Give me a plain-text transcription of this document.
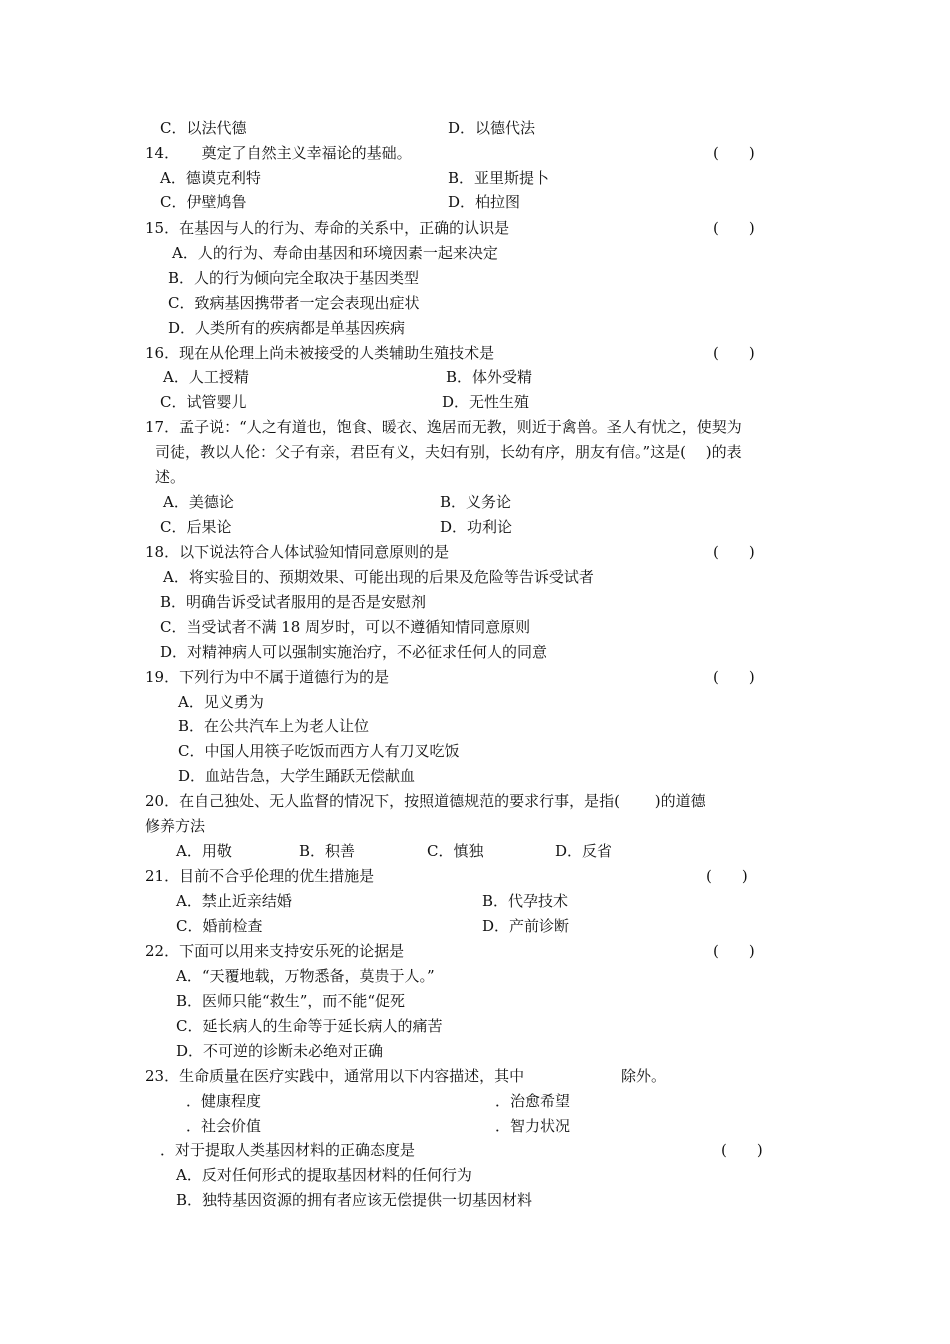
C．以法代德	D．以德代法
14．　　奠定了自然主义幸福论的基础。	(　　)
A．德谟克利特	B．亚里斯提卜
C．伊壁鸠鲁	D．柏拉图
15．在基因与人的行为、寿命的关系中，正确的认识是	(　　)
A．人的行为、寿命由基因和环境因素一起来决定
B．人的行为倾向完全取决于基因类型
C．致病基因携带者一定会表现出症状
D．人类所有的疾病都是单基因疾病
16．现在从伦理上尚未被接受的人类辅助生殖技术是	(　　)
A．人工授精	B．体外受精
C．试管婴儿	D．无性生殖
17．孟子说：“人之有道也，饱食、暖衣、逸居而无教，则近于禽兽。圣人有忧之，使契为
司徒，教以人伦：父子有亲，君臣有义，夫妇有别，长幼有序，朋友有信。”这是(　 )的表
述。
A．美德论	B．义务论
C．后果论	D．功利论
18．以下说法符合人体试验知情同意原则的是	(　　)
A．将实验目的、预期效果、可能出现的后果及危险等告诉受试者
B．明确告诉受试者服用的是否是安慰剂
C．当受试者不满 18 周岁时，可以不遵循知情同意原则
D．对精神病人可以强制实施治疗，不必征求任何人的同意
19．下列行为中不属于道德行为的是	(　　)
A．见义勇为
B．在公共汽车上为老人让位
C．中国人用筷子吃饭而西方人有刀叉吃饭
D．血站告急，大学生踊跃无偿献血
20．在自己独处、无人监督的情况下，按照道德规范的要求行事，是指(　　 )的道德
修养方法
A．用敬	B．积善	C．慎独	D．反省
21．目前不合乎伦理的优生措施是	(　　)
A．禁止近亲结婚	B．代孕技术
C．婚前检查	D．产前诊断
22．下面可以用来支持安乐死的论据是	(　　)
A．“天覆地载，万物悉备，莫贵于人。”
B．医师只能“救生”，而不能“促死
C．延长病人的生命等于延长病人的痛苦
D．不可逆的诊断未必绝对正确
23．生命质量在医疗实践中，通常用以下内容描述，其中	除外。
．健康程度	．治愈希望
．社会价值	．智力状况
．对于提取人类基因材料的正确态度是	(　　)
A．反对任何形式的提取基因材料的任何行为
B．独特基因资源的拥有者应该无偿提供一切基因材料
